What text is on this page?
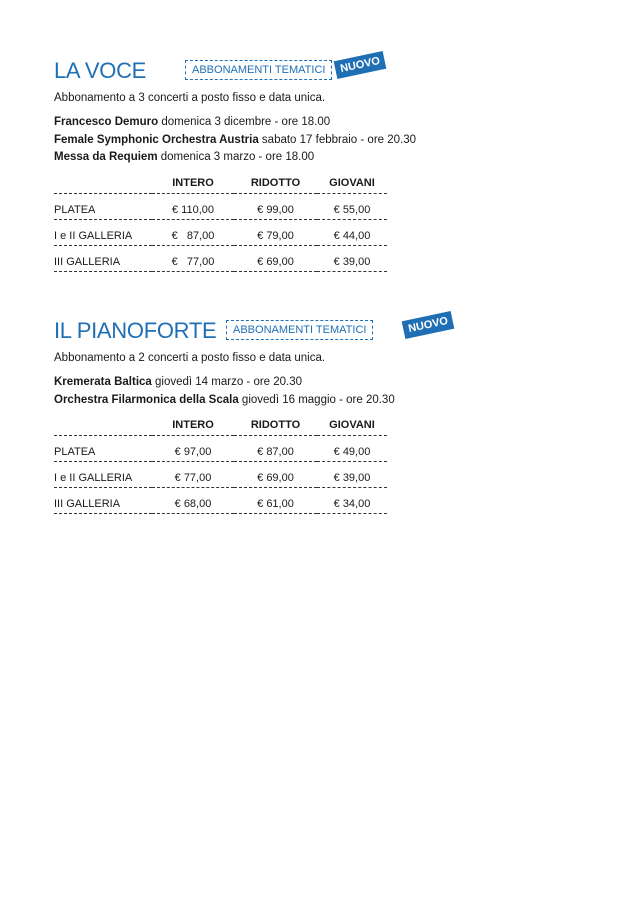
LA VOCE	ABBONAMENTI TEMATICI	NUOVO
Abbonamento a 3 concerti a posto fisso e data unica.
Francesco Demuro domenica 3 dicembre - ore 18.00
Female Symphonic Orchestra Austria sabato 17 febbraio - ore 20.30
Messa da Requiem domenica 3 marzo - ore 18.00
	INTERO	RIDOTTO	GIOVANI
PLATEA	€ 110,00	€ 99,00	€ 55,00
I e II GALLERIA	€   87,00	€ 79,00	€ 44,00
III GALLERIA	€   77,00	€ 69,00	€ 39,00
IL PIANOFORTE	ABBONAMENTI TEMATICI	NUOVO
Abbonamento a 2 concerti a posto fisso e data unica.
Kremerata Baltica giovedì 14 marzo - ore 20.30
Orchestra Filarmonica della Scala giovedì 16 maggio - ore 20.30
	INTERO	RIDOTTO	GIOVANI
PLATEA	€ 97,00	€ 87,00	€ 49,00
I e II GALLERIA	€ 77,00	€ 69,00	€ 39,00
III GALLERIA	€ 68,00	€ 61,00	€ 34,00
